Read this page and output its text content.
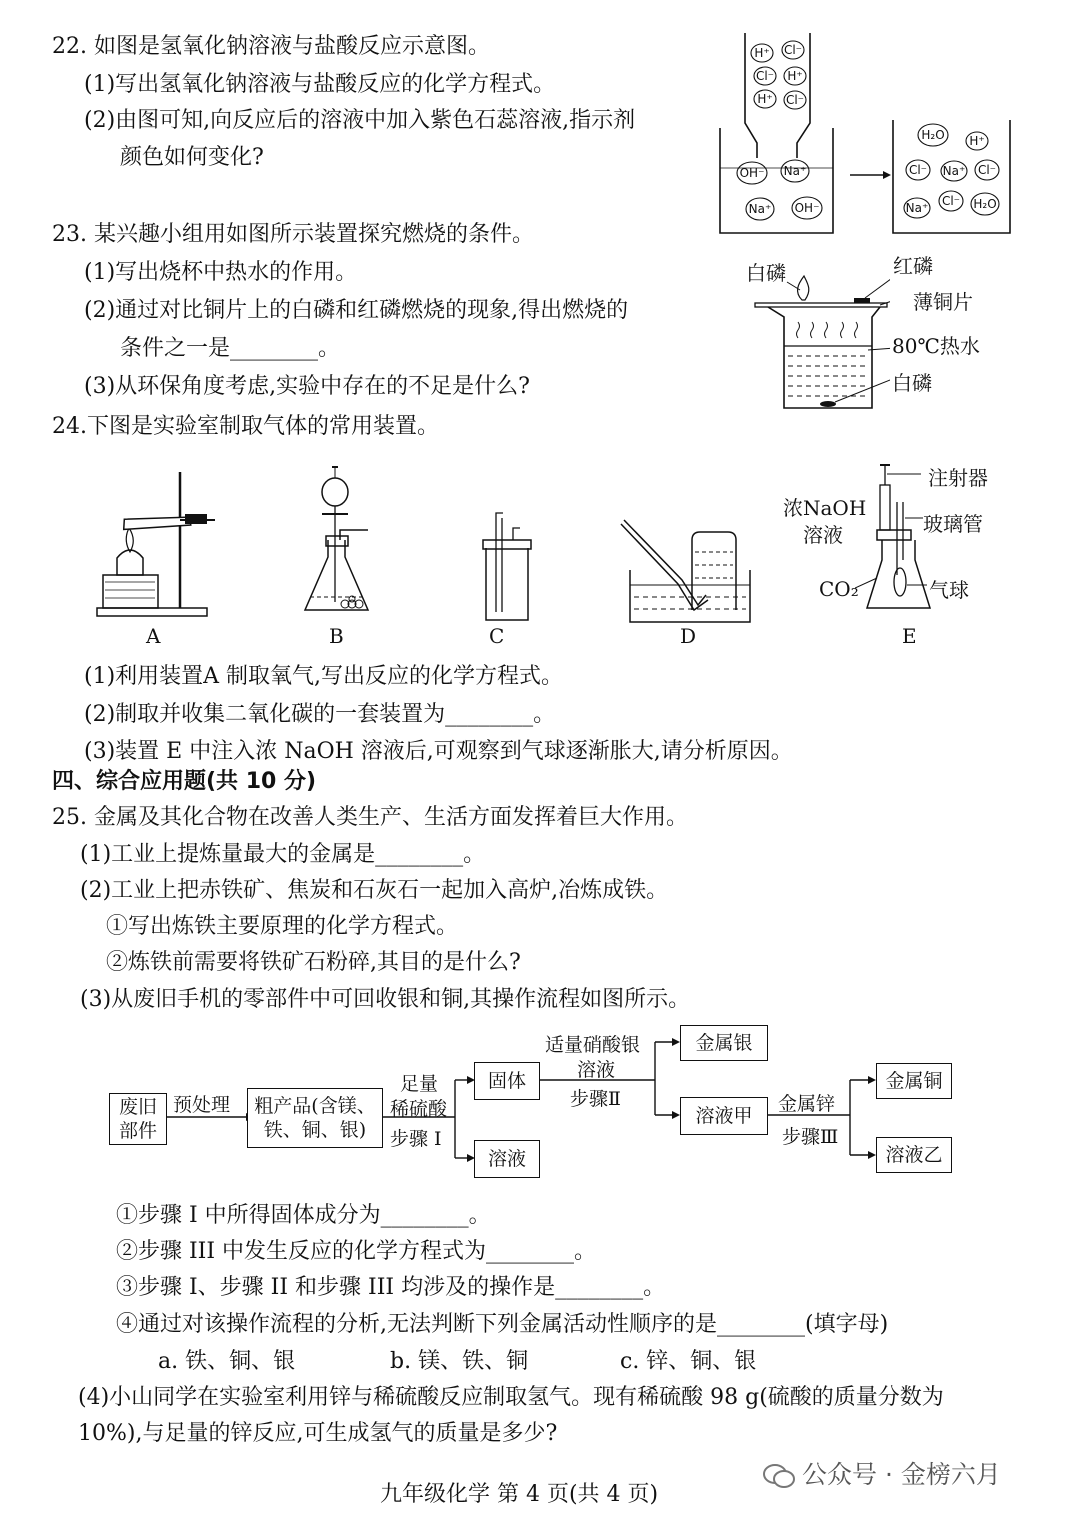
22. 如图是氢氧化钠溶液与盐酸反应示意图。
(1)写出氢氧化钠溶液与盐酸反应的化学方程式。
(2)由图可知,向反应后的溶液中加入紫色石蕊溶液,指示剂
颜色如何变化?
H⁺ Cl⁻
Cl⁻ H⁺
H⁺ Cl⁻
OH⁻ Na⁺
Na⁺ OH⁻
H₂O H⁺
Cl⁻ Na⁺ Cl⁻
Na⁺ Cl⁻ H₂O
23. 某兴趣小组用如图所示装置探究燃烧的条件。
(1)写出烧杯中热水的作用。
(2)通过对比铜片上的白磷和红磷燃烧的现象,得出燃烧的
条件之一是________。
(3)从环保角度考虑,实验中存在的不足是什么?
白磷	红磷
薄铜片
80℃热水
白磷
24.下图是实验室制取气体的常用装置。
A	B	C	D
注射器
浓NaOH
溶液	玻璃管
CO₂	气球
E
(1)利用装置A 制取氧气,写出反应的化学方程式。
(2)制取并收集二氧化碳的一套装置为________。
(3)装置 E 中注入浓 NaOH 溶液后,可观察到气球逐渐胀大,请分析原因。
四、综合应用题(共 10 分)
25. 金属及其化合物在改善人类生产、生活方面发挥着巨大作用。
(1)工业上提炼量最大的金属是________。
(2)工业上把赤铁矿、焦炭和石灰石一起加入高炉,冶炼成铁。
①写出炼铁主要原理的化学方程式。
②炼铁前需要将铁矿石粉碎,其目的是什么?
(3)从废旧手机的零部件中可回收银和铜,其操作流程如图所示。
废旧
部件
预处理 粗产品(含镁、
铁、铜、银)
足量
稀硫酸
步骤 I
固体
溶液
适量硝酸银
溶液
步骤Ⅱ
金属银
溶液甲
金属锌
步骤Ⅲ
金属铜
溶液乙
①步骤 I 中所得固体成分为________。
②步骤 III 中发生反应的化学方程式为________。
③步骤 I、步骤 II 和步骤 III 均涉及的操作是________。
④通过对该操作流程的分析,无法判断下列金属活动性顺序的是________(填字母)
a. 铁、铜、银	b. 镁、铁、铜	c. 锌、铜、银
(4)小山同学在实验室利用锌与稀硫酸反应制取氢气。现有稀硫酸 98 g(硫酸的质量分数为
10%),与足量的锌反应,可生成氢气的质量是多少?
九年级化学 第 4 页(共 4 页)
公众号 · 金榜六月
